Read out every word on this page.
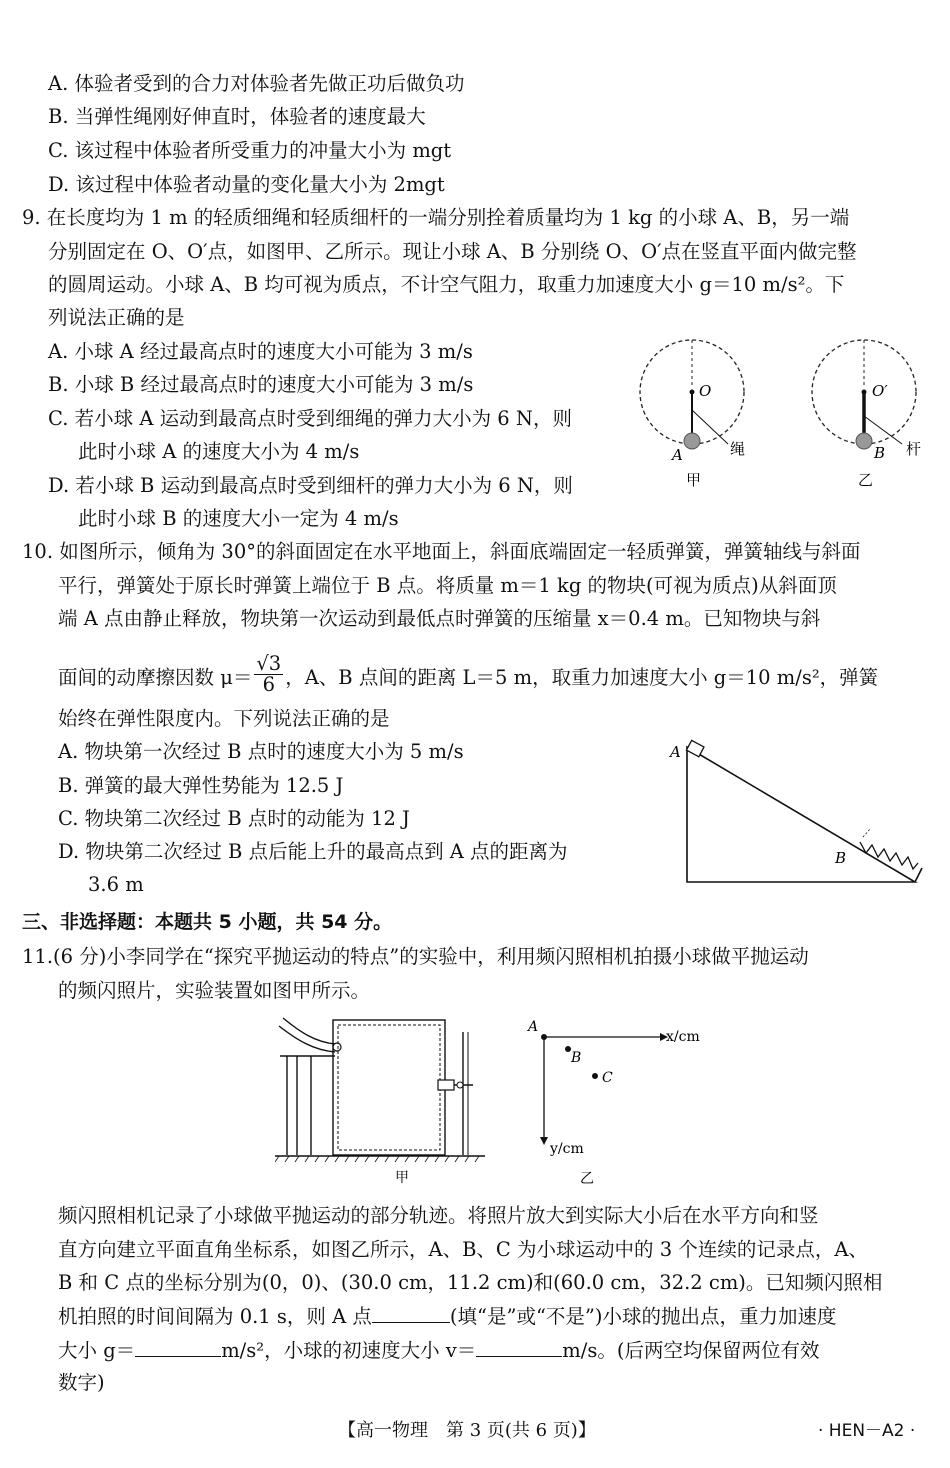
A. 体验者受到的合力对体验者先做正功后做负功
B. 当弹性绳刚好伸直时，体验者的速度最大
C. 该过程中体验者所受重力的冲量大小为 mgt
D. 该过程中体验者动量的变化量大小为 2mgt
9. 在长度均为 1 m 的轻质细绳和轻质细杆的一端分别拴着质量均为 1 kg 的小球 A、B，另一端
分别固定在 O、O′点，如图甲、乙所示。现让小球 A、B 分别绕 O、O′点在竖直平面内做完整
的圆周运动。小球 A、B 均可视为质点，不计空气阻力，取重力加速度大小 g＝10 m/s²。下
列说法正确的是
A. 小球 A 经过最高点时的速度大小可能为 3 m/s
B. 小球 B 经过最高点时的速度大小可能为 3 m/s
C. 若小球 A 运动到最高点时受到细绳的弹力大小为 6 N，则
此时小球 A 的速度大小为 4 m/s
D. 若小球 B 运动到最高点时受到细杆的弹力大小为 6 N，则
此时小球 B 的速度大小一定为 4 m/s
O
A	绳
甲
O′
B 杆
乙
10. 如图所示，倾角为 30°的斜面固定在水平地面上，斜面底端固定一轻质弹簧，弹簧轴线与斜面
平行，弹簧处于原长时弹簧上端位于 B 点。将质量 m＝1 kg 的物块(可视为质点)从斜面顶
端 A 点由静止释放，物块第一次运动到最低点时弹簧的压缩量 x＝0.4 m。已知物块与斜
面间的动摩擦因数 $\mu= \frac{√3}{6}$ ，A、B 点间的距离 L＝5 m，取重力加速度大小 g＝10 m/s²，弹簧
始终在弹性限度内。下列说法正确的是
A. 物块第一次经过 B 点时的速度大小为 5 m/s
B. 弹簧的最大弹性势能为 12.5 J
C. 物块第二次经过 B 点时的动能为 12 J
D. 物块第二次经过 B 点后能上升的最高点到 A 点的距离为
3.6 m
A
B
三、非选择题：本题共 5 小题，共 54 分。
11.(6 分)小李同学在“探究平抛运动的特点”的实验中，利用频闪照相机拍摄小球做平抛运动
的频闪照片，实验装置如图甲所示。
甲
A
B
C
x/cm
y/cm
乙
频闪照相机记录了小球做平抛运动的部分轨迹。将照片放大到实际大小后在水平方向和竖
直方向建立平面直角坐标系，如图乙所示，A、B、C 为小球运动中的 3 个连续的记录点，A、
B 和 C 点的坐标分别为(0，0)、(30.0 cm，11.2 cm)和(60.0 cm，32.2 cm)。已知频闪照相
机拍照的时间间隔为 0.1 s，则 A 点	(填“是”或“不是”)小球的抛出点，重力加速度
大小 g＝	m/s²，小球的初速度大小 v＝	m/s。(后两空均保留两位有效
数字)
【高一物理　第 3 页(共 6 页)】	· HEN－A2 ·
